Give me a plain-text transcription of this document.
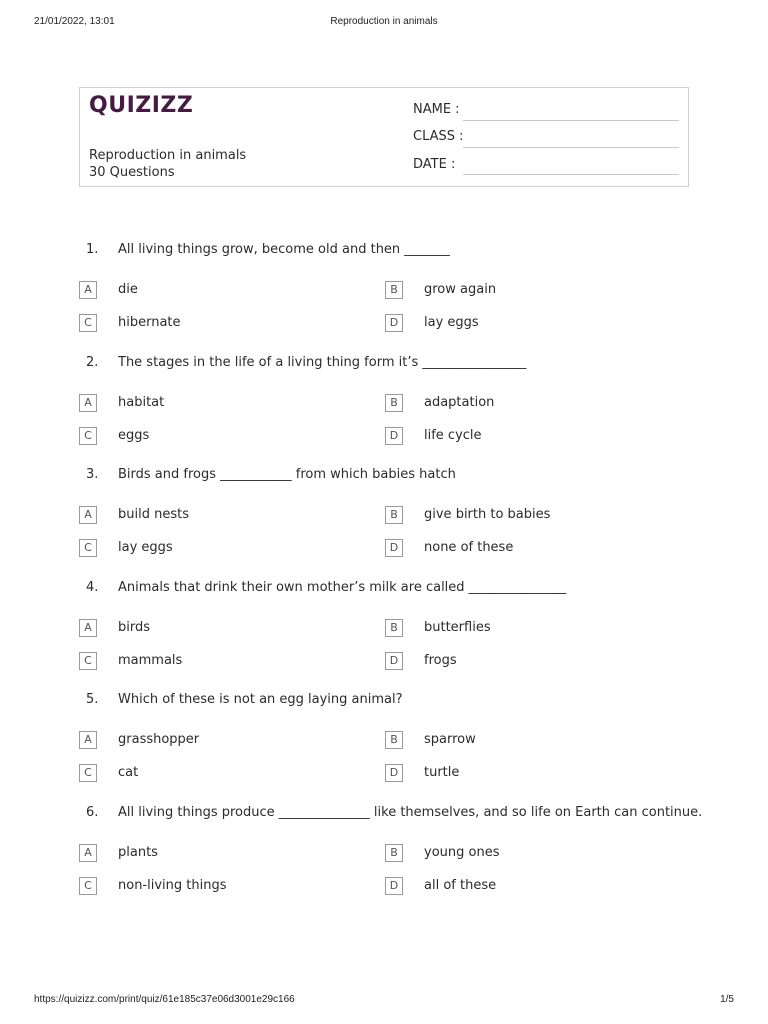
21/01/2022, 13:01	Reproduction in animals
QUIZIZZ
Reproduction in animals
30 Questions
NAME :
CLASS :
DATE :
1. All living things grow, become old and then _______
A	die	B	grow again
C	hibernate	D	lay eggs
2. The stages in the life of a living thing form it’s ________________
A	habitat	B	adaptation
C	eggs	D	life cycle
3. Birds and frogs ___________ from which babies hatch
A	build nests	B	give birth to babies
C	lay eggs	D	none of these
4. Animals that drink their own mother’s milk are called _______________
A	birds	B	butterflies
C	mammals	D	frogs
5. Which of these is not an egg laying animal?
A	grasshopper	B	sparrow
C	cat	D	turtle
6. All living things produce ______________ like themselves, and so life on Earth can continue.
A	plants	B	young ones
C	non-living things	D	all of these
https://quizizz.com/print/quiz/61e185c37e06d3001e29c166	1/5
